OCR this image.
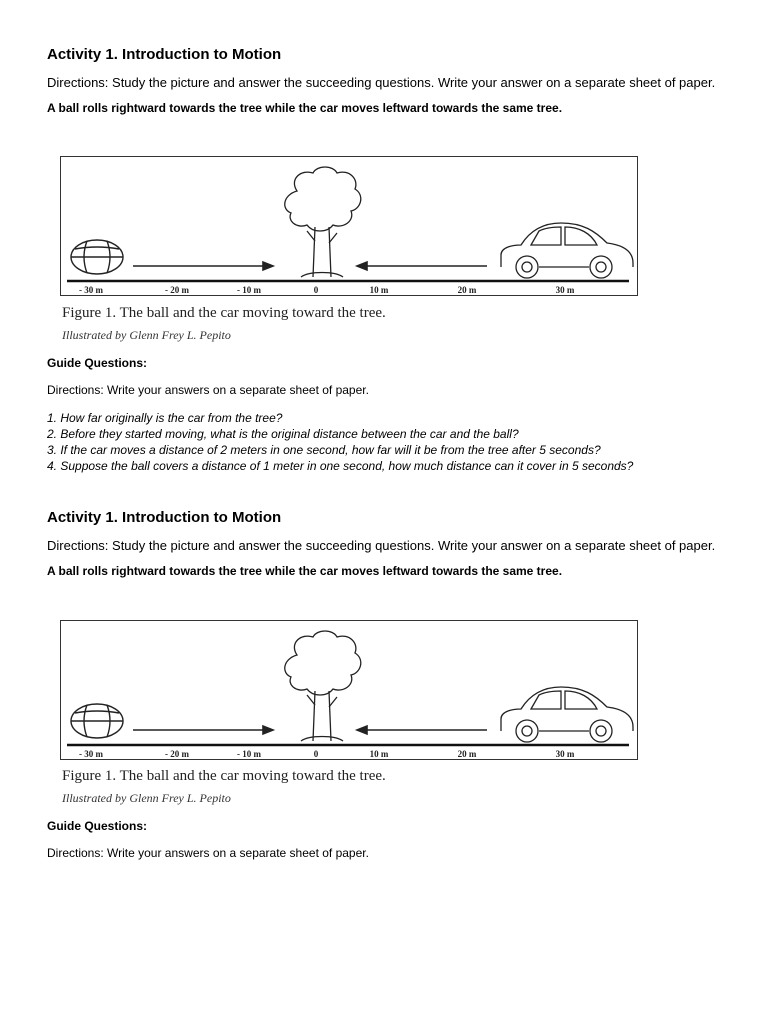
Activity 1. Introduction to Motion
Directions: Study the picture and answer the succeeding questions. Write your answer on a separate sheet of paper.
A ball rolls rightward towards the tree while the car moves leftward towards the same tree.
- 30 m	- 20 m	- 10 m	0	10 m	20 m	30 m
Figure 1. The ball and the car moving toward the tree.
Illustrated by Glenn Frey L. Pepito
Guide Questions:
Directions: Write your answers on a separate sheet of paper.
1. How far originally is the car from the tree?
2. Before they started moving, what is the original distance between the car and the ball?
3. If the car moves a distance of 2 meters in one second, how far will it be from the tree after 5 seconds?
4. Suppose the ball covers a distance of 1 meter in one second, how much distance can it cover in 5 seconds?
Activity 1. Introduction to Motion
Directions: Study the picture and answer the succeeding questions. Write your answer on a separate sheet of paper.
A ball rolls rightward towards the tree while the car moves leftward towards the same tree.
- 30 m	- 20 m	- 10 m	0	10 m	20 m	30 m
Figure 1. The ball and the car moving toward the tree.
Illustrated by Glenn Frey L. Pepito
Guide Questions:
Directions: Write your answers on a separate sheet of paper.
